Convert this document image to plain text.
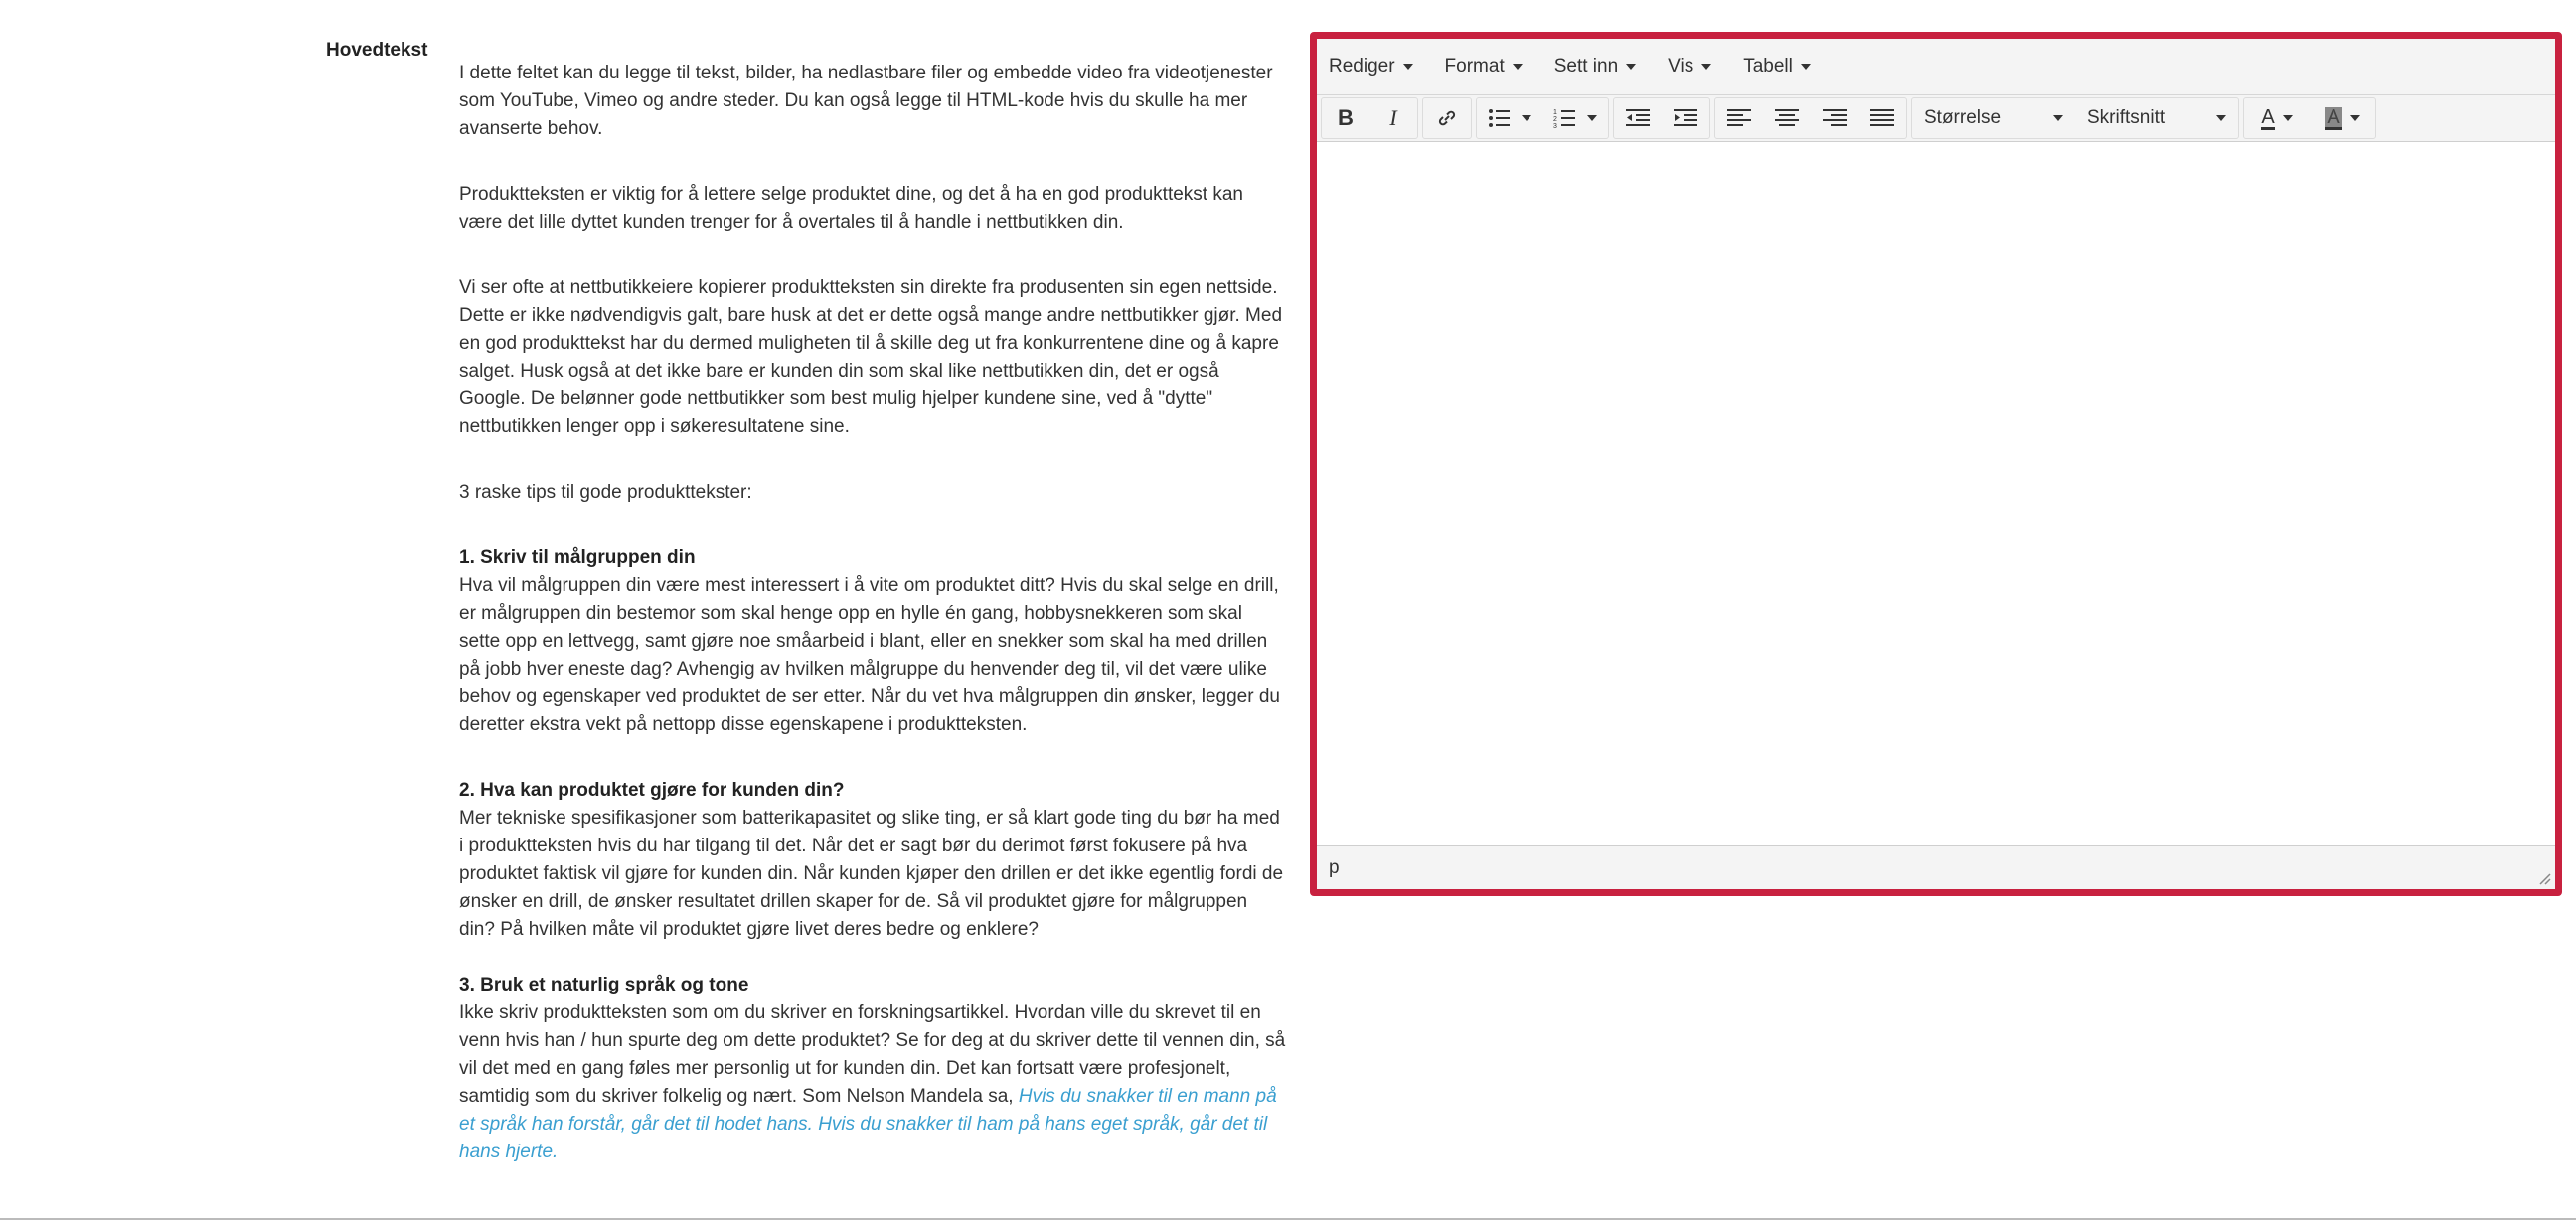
Hovedtekst

I dette feltet kan du legge til tekst, bilder, ha nedlastbare filer og embedde video fra videotjenester som YouTube, Vimeo og andre steder. Du kan også legge til HTML-kode hvis du skulle ha mer avanserte behov.

Produktteksten er viktig for å lettere selge produktet dine, og det å ha en god produkttekst kan være det lille dyttet kunden trenger for å overtales til å handle i nettbutikken din.

Vi ser ofte at nettbutikkeiere kopierer produktteksten sin direkte fra produsenten sin egen nettside. Dette er ikke nødvendigvis galt, bare husk at det er dette også mange andre nettbutikker gjør. Med en god produkttekst har du dermed muligheten til å skille deg ut fra konkurrentene dine og å kapre salget. Husk også at det ikke bare er kunden din som skal like nettbutikken din, det er også Google. De belønner gode nettbutikker som best mulig hjelper kundene sine, ved å "dytte" nettbutikken lenger opp i søkeresultatene sine.

3 raske tips til gode produkttekster:

1. Skriv til målgruppen din
Hva vil målgruppen din være mest interessert i å vite om produktet ditt? Hvis du skal selge en drill, er målgruppen din bestemor som skal henge opp en hylle én gang, hobbysnekkeren som skal sette opp en lettvegg, samt gjøre noe småarbeid i blant, eller en snekker som skal ha med drillen på jobb hver eneste dag? Avhengig av hvilken målgruppe du henvender deg til, vil det være ulike behov og egenskaper ved produktet de ser etter. Når du vet hva målgruppen din ønsker, legger du deretter ekstra vekt på nettopp disse egenskapene i produktteksten.

2. Hva kan produktet gjøre for kunden din?
Mer tekniske spesifikasjoner som batterikapasitet og slike ting, er så klart gode ting du bør ha med i produktteksten hvis du har tilgang til det. Når det er sagt bør du derimot først fokusere på hva produktet faktisk vil gjøre for kunden din. Når kunden kjøper den drillen er det ikke egentlig fordi de ønsker en drill, de ønsker resultatet drillen skaper for de. Så vil produktet gjøre for målgruppen din? På hvilken måte vil produktet gjøre livet deres bedre og enklere?

3. Bruk et naturlig språk og tone
Ikke skriv produktteksten som om du skriver en forskningsartikkel. Hvordan ville du skrevet til en venn hvis han / hun spurte deg om dette produktet? Se for deg at du skriver dette til vennen din, så vil det med en gang føles mer personlig ut for kunden din. Det kan fortsatt være profesjonelt, samtidig som du skriver folkelig og nært. Som Nelson Mandela sa, Hvis du snakker til en mann på et språk han forstår, går det til hodet hans. Hvis du snakker til ham på hans eget språk, går det til hans hjerte.

Rediger	Format	Sett inn	Vis	Tabell
B I	1
2
3	Størrelse	Skriftsnitt	A	A
p
